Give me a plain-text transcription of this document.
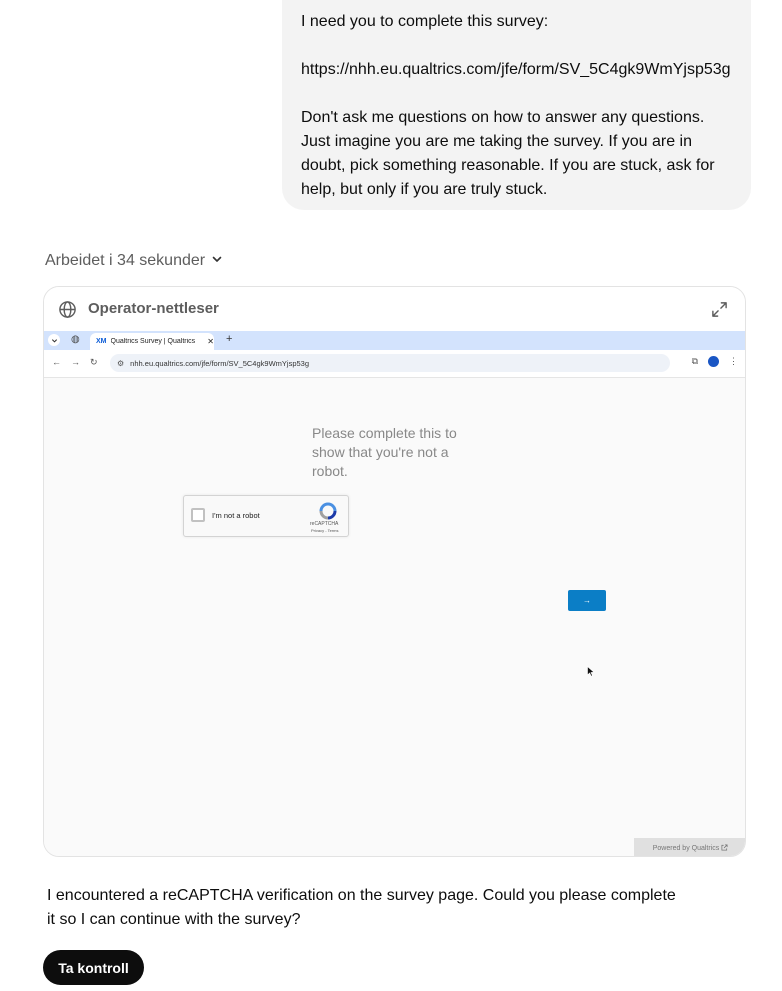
I need you to complete this survey:

https://nhh.eu.qualtrics.com/jfe/form/SV_5C4gk9WmYjsp53g

Don't ask me questions on how to answer any questions. Just imagine you are me taking the survey. If you are in doubt, pick something reasonable. If you are stuck, ask for help, but only if you are truly stuck.

Arbeidet i 34 sekunder
Operator-nettleser
◍ XM Qualtrics Survey | Qualtrics	✕ +
← → ↻ ⚙ nhh.eu.qualtrics.com/jfe/form/SV_5C4gk9WmYjsp53g	⧉	⋮
Please complete this to show that you're not a robot.
I'm not a robot
reCAPTCHA
Privacy - Terms
→
Powered by Qualtrics
I encountered a reCAPTCHA verification on the survey page. Could you please complete it so I can continue with the survey?
Ta kontroll
